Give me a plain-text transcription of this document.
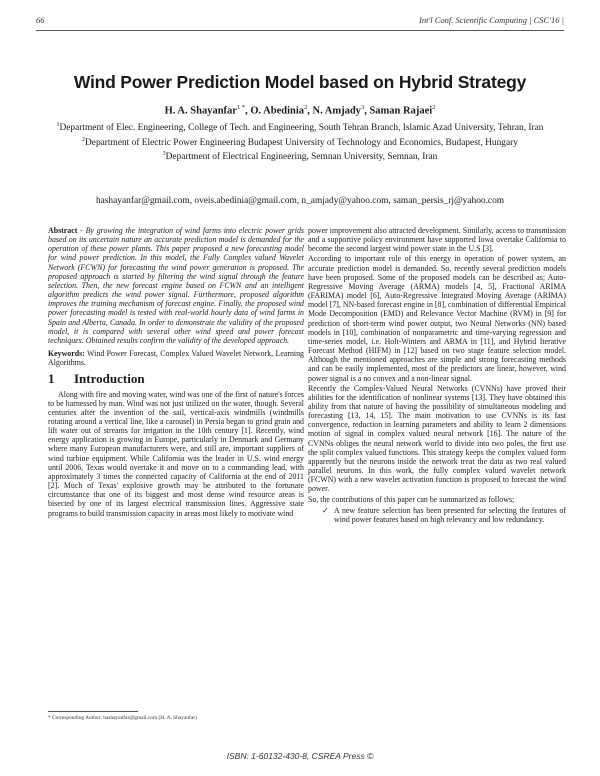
66	Int'l Conf. Scientific Computing | CSC'16 |
Wind Power Prediction Model based on Hybrid Strategy
H. A. Shayanfar$^{1 *}$, O. Abedinia$^2$, N. Amjady$^3$, Saman Rajaei$^2$

$^1$Department of Elec. Engineering, College of Tech. and Engineering, South Tehran Branch, Islamic Azad University, Tehran, Iran

$^2$Department of Electric Power Engineering Budapest University of Technology and Economics, Budapest, Hungary

$^3$Department of Electrical Engineering, Semnan University, Semnan, Iran

hashayanfar@gmail.com, oveis.abedinia@gmail.com, n_amjady@yahoo.com, saman_persis_rj@yahoo.com

Abstract - By growing the integration of wind farms into electric power grids based on its uncertain nature an accurate prediction model is demanded for the operation of these power plants. This paper proposed a new forecasting model for wind power prediction. In this model, the Fully Complex valued Wavelet Network (FCWN) for forecasting the wind power generation is proposed. The proposed approach is started by filtering the wind signal through the feature selection. Then, the new forecast engine based on FCWN and an intelligent algorithm predicts the wind power signal. Furthermore, proposed algorithm improves the training mechanism of forecast engine. Finally, the proposed wind power forecasting model is tested with real-world hourly data of wind farms in Spain and Alberta, Canada. In order to demonstrate the validity of the proposed model, it is compared with several other wind speed and power forecast techniques. Obtained results confirm the validity of the developed approach.

Keywords: Wind Power Forecast, Complex Valued Wavelet Network, Learning Algorithms.

1 Introduction

Along with fire and moving water, wind was one of the first of nature's forces to be harnessed by man. Wind was not just utilized on the water, though. Several centuries after the invention of the sail, vertical-axis windmills (windmills rotating around a vertical line, like a carousel) in Persia began to grind grain and lift water out of streams for irrigation in the 10th century [1]. Recently, wind energy application is growing in Europe, particularly in Denmark and Germany where many European manufacturers were, and still are, important suppliers of wind turbine equipment. While California was the leader in U.S. wind energy until 2006, Texas would overtake it and move on to a commanding lead, with approximately 3 times the connected capacity of California at the end of 2011 [2]. Much of Texas' explosive growth may be attributed to the fortunate circumstance that one of its biggest and most dense wind resource areas is bisected by one of its largest electrical transmission lines. Aggressive state programs to build transmission capacity in areas most likely to motivate wind

power improvement also attracted development. Similarly, access to transmission and a supportive policy environment have supported Iowa overtake California to become the second largest wind power state in the U.S [3].

According to important role of this energy in operation of power system, an accurate prediction model is demanded. So, recently several prediction models have been proposed. Some of the proposed models can be described as; Auto-Regressive Moving Average (ARMA) models [4, 5], Fractional ARIMA (FARIMA) model [6], Auto-Regressive Integrated Moving Average (ARIMA) model [7], NN-based forecast engine in [8], combination of differential Empirical Mode Decomposition (EMD) and Relevance Vector Machine (RVM) in [9] for prediction of short-term wind power output, two Neural Networks (NN) based models in [10], combination of nonparametric and time-varying regression and time-series model, i.e. Holt-Winters and ARMA in [11], and Hybrid Iterative Forecast Method (HIFM) in [12] based on two stage feature selection model. Although the mentioned approaches are simple and strong forecasting methods and can be easily implemented, most of the predictors are linear, however, wind power signal is a no convex and a non-linear signal.

Recently the Complex-Valued Neural Networks (CVNNs) have proved their abilities for the identification of nonlinear systems [13]. They have obtained this ability from that nature of having the possibility of simultaneous modeling and forecasting [13, 14, 15]. The main motivation to use CVNNs is its fast convergence, reduction in learning parameters and ability to learn 2 dimensions motion of signal in complex valued neural network [16]. The nature of the CVNNs obliges the neural network world to divide into two poles, the first use the split complex valued functions. This strategy keeps the complex valued form apparently but the neurons inside the network treat the data as two real valued parallel neurons. In this work, the fully complex valued wavelet network (FCWN) with a new wavelet activation function is proposed to forecast the wind power.

So, the contributions of this paper can be summarized as follows;

✓ A new feature selection has been presented for selecting the features of wind power features based on high relevancy and low redundancy.

* Corresponding Author: hashayanfar@gmail.com (H. A. Shayanfar)
ISBN: 1-60132-430-8, CSREA Press ©
